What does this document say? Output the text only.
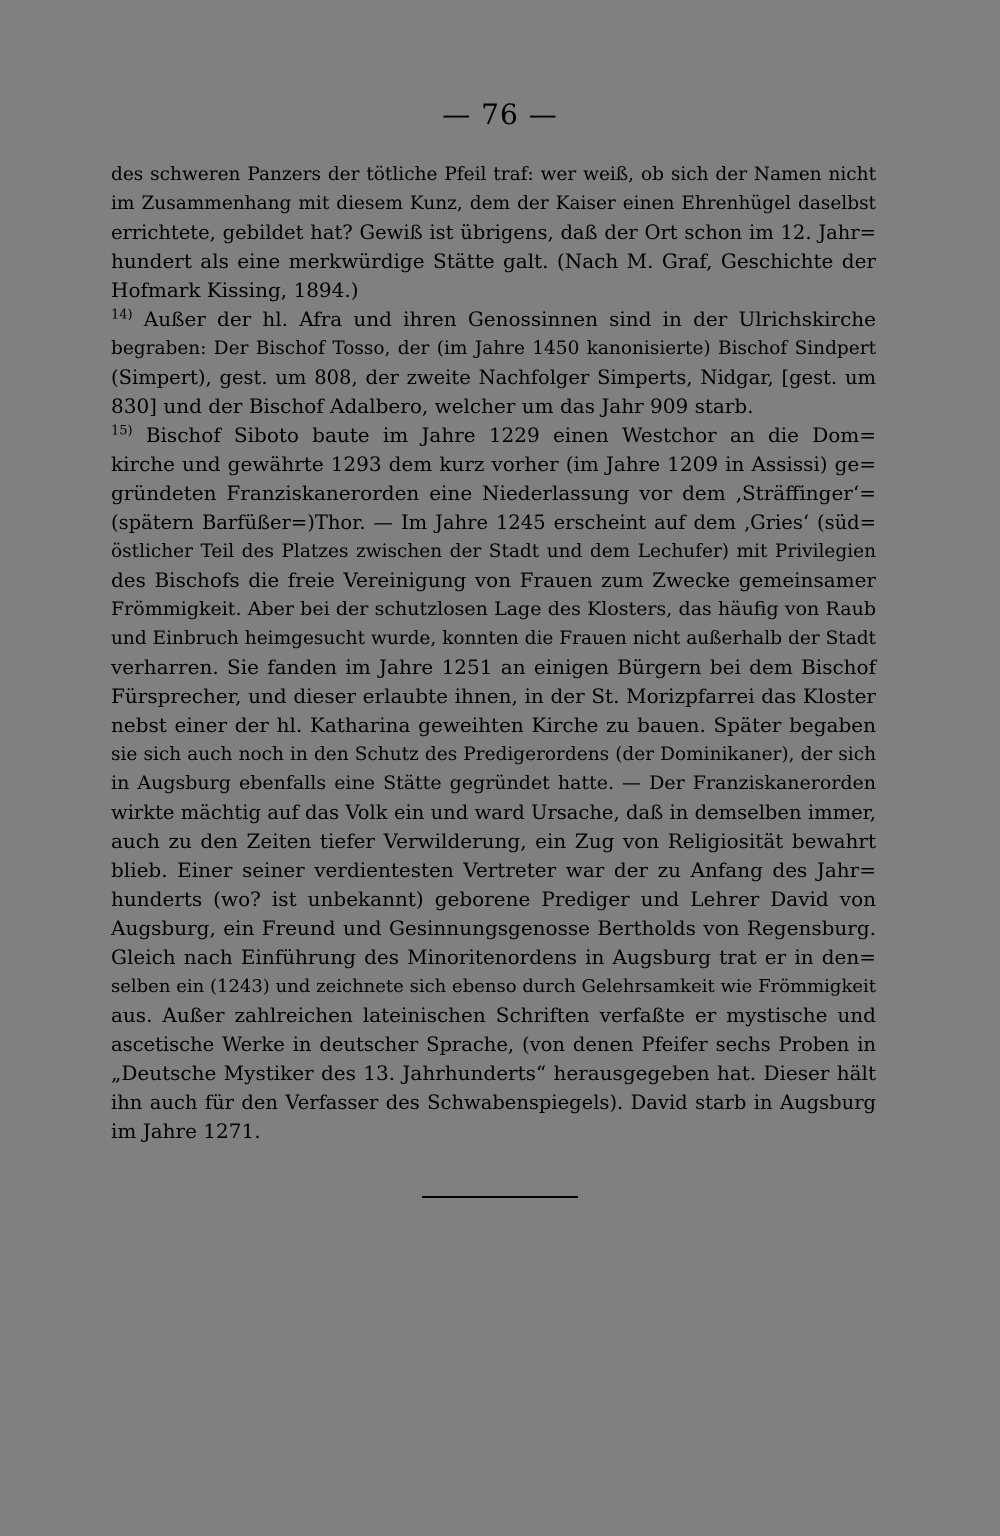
— 76 —
des schweren Panzers der tötliche Pfeil traf: wer weiß, ob sich der Namen nicht
im Zusammenhang mit diesem Kunz, dem der Kaiser einen Ehrenhügel daselbst
errichtete, gebildet hat? Gewiß ist übrigens, daß der Ort schon im 12. Jahr=
hundert als eine merkwürdige Stätte galt. (Nach M. Graf, Geschichte der
Hofmark Kissing, 1894.)
$^{14)}$ Außer der hl. Afra und ihren Genossinnen sind in der Ulrichskirche
begraben: Der Bischof Tosso, der (im Jahre 1450 kanonisierte) Bischof Sindpert
(Simpert), gest. um 808, der zweite Nachfolger Simperts, Nidgar, [gest. um
830] und der Bischof Adalbero, welcher um das Jahr 909 starb.
$^{15)}$ Bischof Siboto baute im Jahre 1229 einen Westchor an die Dom=
kirche und gewährte 1293 dem kurz vorher (im Jahre 1209 in Assissi) ge=
gründeten Franziskanerorden eine Niederlassung vor dem ‚Sträffinger‘=
(spätern Barfüßer=)Thor. — Im Jahre 1245 erscheint auf dem ‚Gries‘ (süd=
östlicher Teil des Platzes zwischen der Stadt und dem Lechufer) mit Privilegien
des Bischofs die freie Vereinigung von Frauen zum Zwecke gemeinsamer
Frömmigkeit. Aber bei der schutzlosen Lage des Klosters, das häufig von Raub
und Einbruch heimgesucht wurde, konnten die Frauen nicht außerhalb der Stadt
verharren. Sie fanden im Jahre 1251 an einigen Bürgern bei dem Bischof
Fürsprecher, und dieser erlaubte ihnen, in der St. Morizpfarrei das Kloster
nebst einer der hl. Katharina geweihten Kirche zu bauen. Später begaben
sie sich auch noch in den Schutz des Predigerordens (der Dominikaner), der sich
in Augsburg ebenfalls eine Stätte gegründet hatte. — Der Franziskanerorden
wirkte mächtig auf das Volk ein und ward Ursache, daß in demselben immer,
auch zu den Zeiten tiefer Verwilderung, ein Zug von Religiosität bewahrt
blieb. Einer seiner verdientesten Vertreter war der zu Anfang des Jahr=
hunderts (wo? ist unbekannt) geborene Prediger und Lehrer David von
Augsburg, ein Freund und Gesinnungsgenosse Bertholds von Regensburg.
Gleich nach Einführung des Minoritenordens in Augsburg trat er in den=
selben ein (1243) und zeichnete sich ebenso durch Gelehrsamkeit wie Frömmigkeit
aus. Außer zahlreichen lateinischen Schriften verfaßte er mystische und
ascetische Werke in deutscher Sprache, (von denen Pfeifer sechs Proben in
„Deutsche Mystiker des 13. Jahrhunderts“ herausgegeben hat. Dieser hält
ihn auch für den Verfasser des Schwabenspiegels). David starb in Augsburg
im Jahre 1271.
